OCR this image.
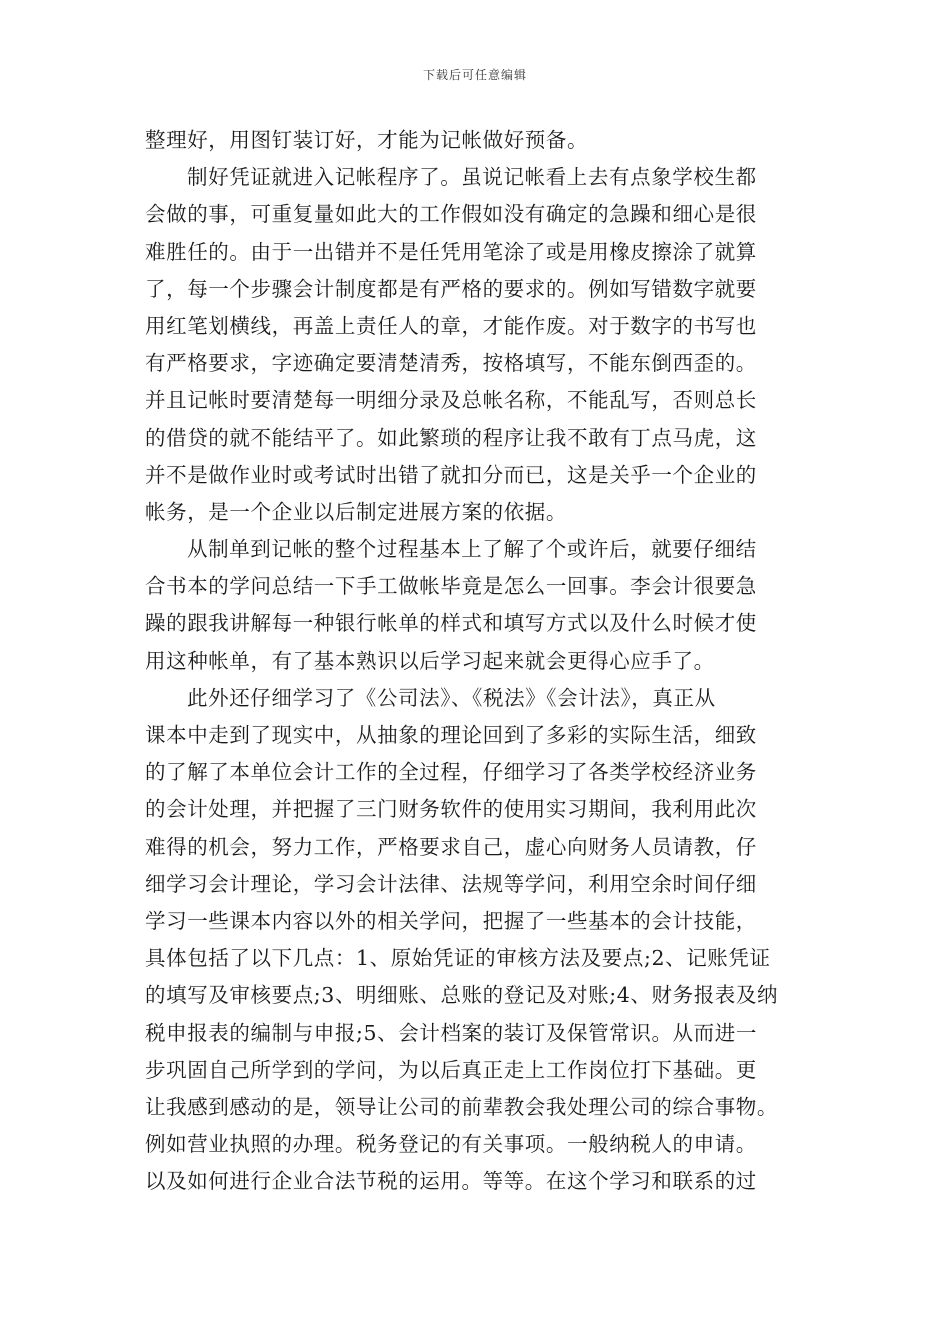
下载后可任意编辑
整理好，用图钉装订好，才能为记帐做好预备。
制好凭证就进入记帐程序了。虽说记帐看上去有点象学校生都
会做的事，可重复量如此大的工作假如没有确定的急躁和细心是很
难胜任的。由于一出错并不是任凭用笔涂了或是用橡皮擦涂了就算
了，每一个步骤会计制度都是有严格的要求的。例如写错数字就要
用红笔划横线，再盖上责任人的章，才能作废。对于数字的书写也
有严格要求，字迹确定要清楚清秀，按格填写，不能东倒西歪的。
并且记帐时要清楚每一明细分录及总帐名称，不能乱写，否则总长
的借贷的就不能结平了。如此繁琐的程序让我不敢有丁点马虎，这
并不是做作业时或考试时出错了就扣分而已，这是关乎一个企业的
帐务，是一个企业以后制定进展方案的依据。
从制单到记帐的整个过程基本上了解了个或许后，就要仔细结
合书本的学问总结一下手工做帐毕竟是怎么一回事。李会计很要急
躁的跟我讲解每一种银行帐单的样式和填写方式以及什么时候才使
用这种帐单，有了基本熟识以后学习起来就会更得心应手了。
此外还仔细学习了《公司法》、《税法》《会计法》，真正从
课本中走到了现实中，从抽象的理论回到了多彩的实际生活，细致
的了解了本单位会计工作的全过程，仔细学习了各类学校经济业务
的会计处理，并把握了三门财务软件的使用实习期间，我利用此次
难得的机会，努力工作，严格要求自己，虚心向财务人员请教，仔
细学习会计理论，学习会计法律、法规等学问，利用空余时间仔细
学习一些课本内容以外的相关学问，把握了一些基本的会计技能，
具体包括了以下几点：1、原始凭证的审核方法及要点;2、记账凭证
的填写及审核要点;3、明细账、总账的登记及对账;4、财务报表及纳
税申报表的编制与申报;5、会计档案的装订及保管常识。从而进一
步巩固自己所学到的学问，为以后真正走上工作岗位打下基础。更
让我感到感动的是，领导让公司的前辈教会我处理公司的综合事物。
例如营业执照的办理。税务登记的有关事项。一般纳税人的申请。
以及如何进行企业合法节税的运用。等等。在这个学习和联系的过
